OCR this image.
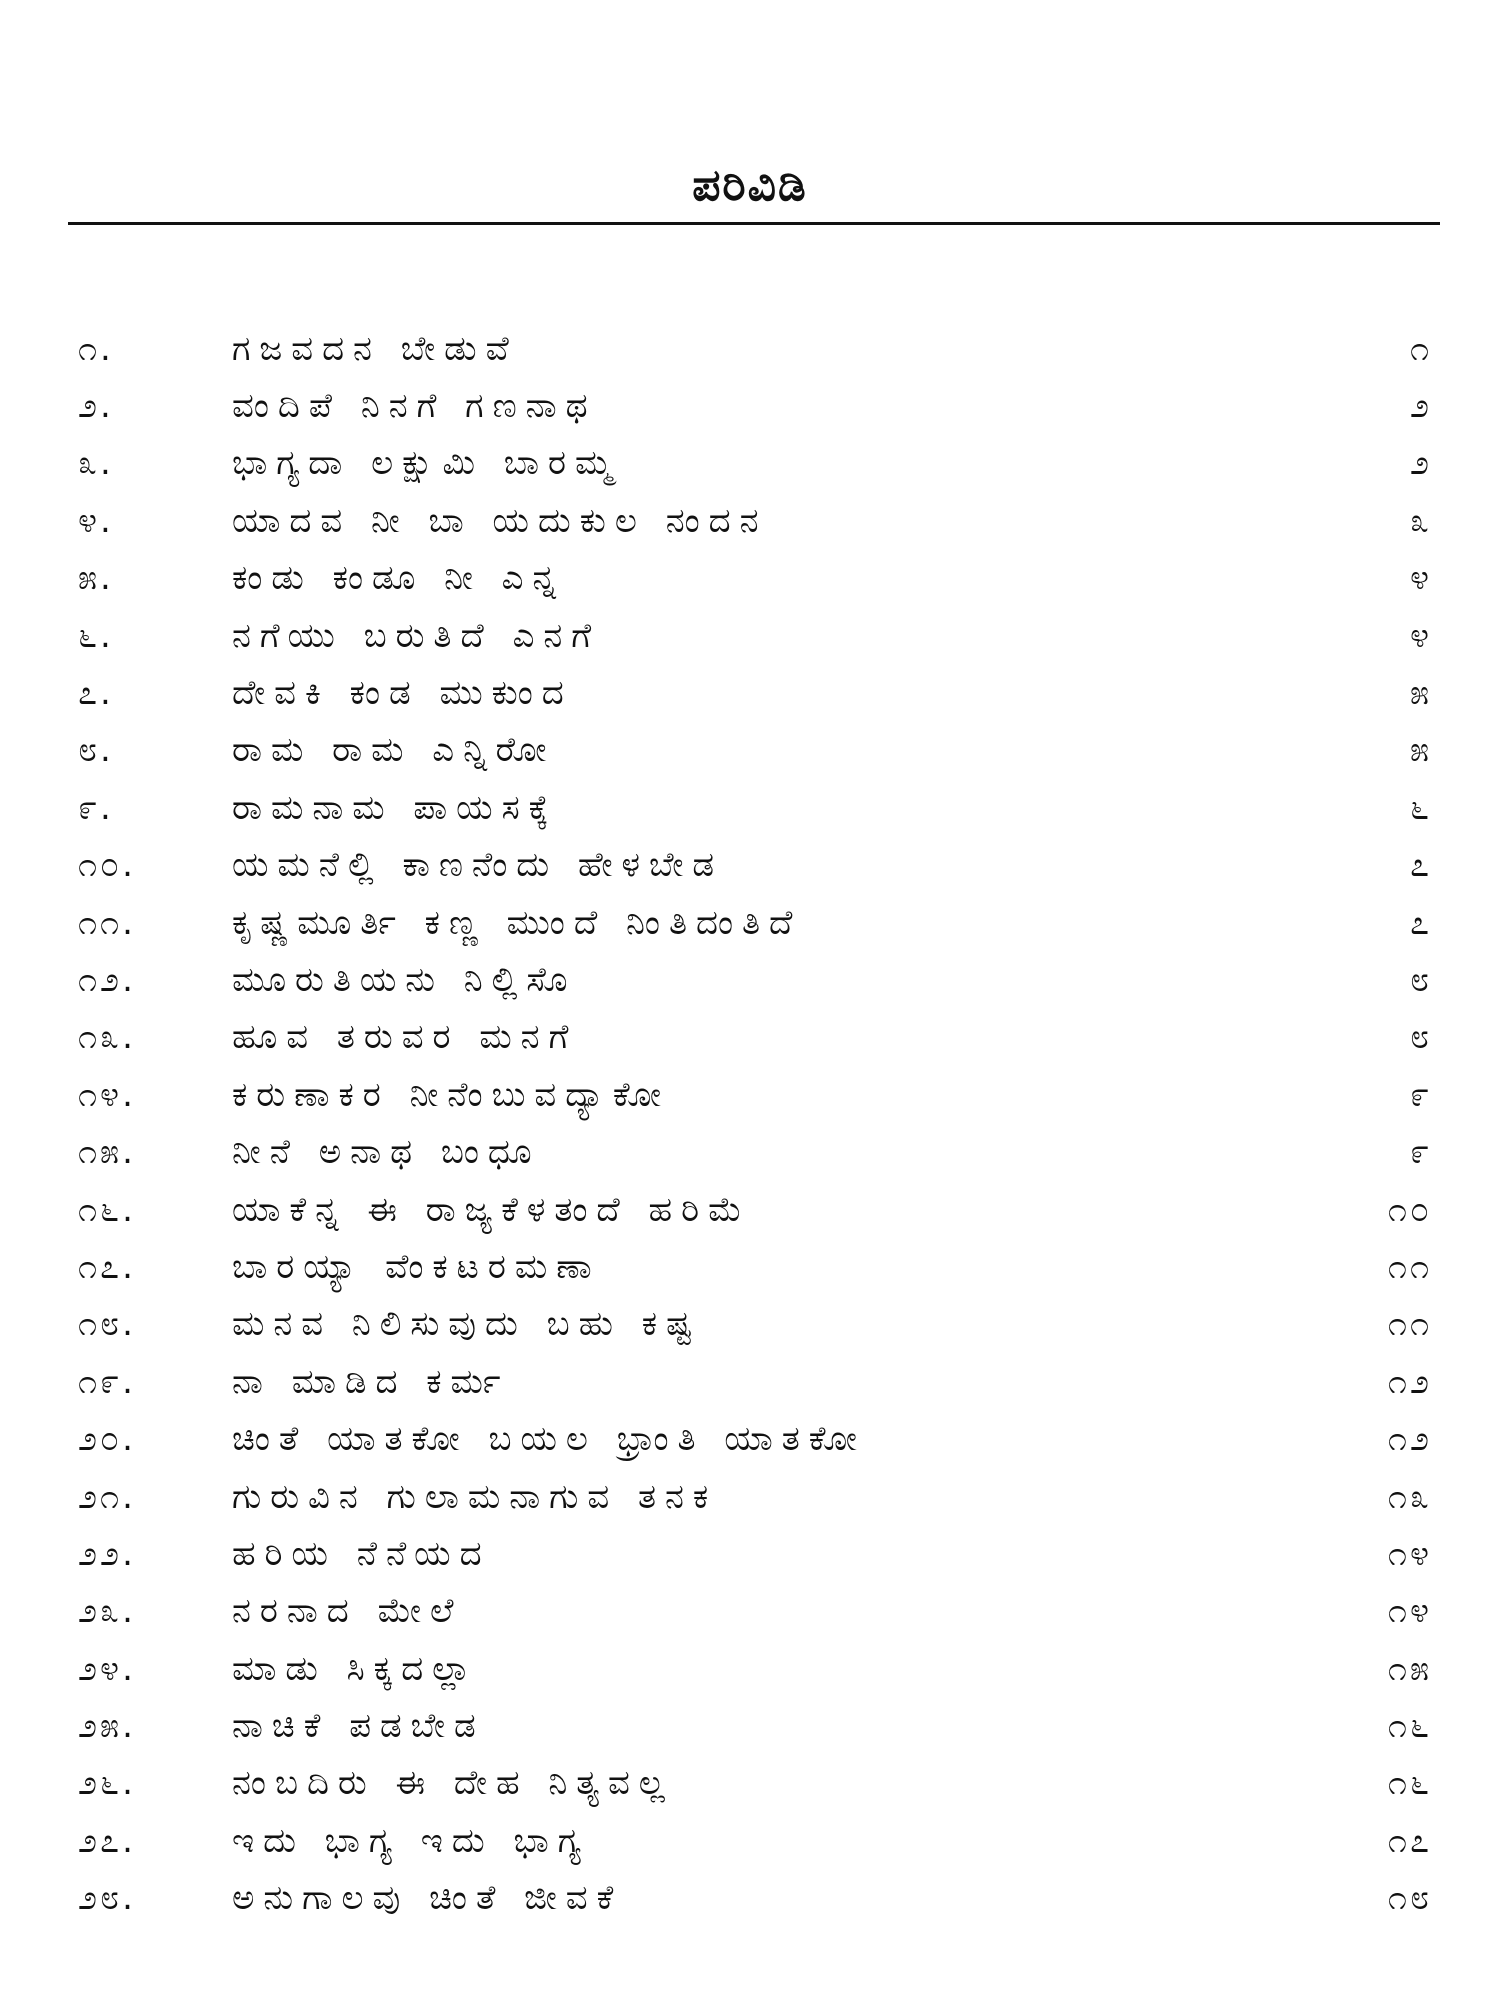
ಪರಿವಿಡಿ
೧.	ಗಜವದನ ಬೇಡುವೆ	೧
೨.	ವಂದಿಪೆ ನಿನಗೆ ಗಣನಾಥ	೨
೩.	ಭಾಗ್ಯದಾ ಲಕ್ಷುಮಿ ಬಾರಮ್ಮ	೨
೪.	ಯಾದವ ನೀ ಬಾ ಯದುಕುಲ ನಂದನ	೩
೫.	ಕಂಡು ಕಂಡೂ ನೀ ಎನ್ನ	೪
೬.	ನಗೆಯು ಬರುತಿದೆ ಎನಗೆ	೪
೭.	ದೇವಕಿ ಕಂಡ ಮುಕುಂದ	೫
೮.	ರಾಮ ರಾಮ ಎನ್ನಿರೋ	೫
೯.	ರಾಮನಾಮ ಪಾಯಸಕ್ಕೆ	೬
೧೦.	ಯಮನೆಲ್ಲಿ ಕಾಣನೆಂದು ಹೇಳಬೇಡ	೭
೧೧.	ಕೃಷ್ಣಮೂರ್ತಿ ಕಣ್ಣ ಮುಂದೆ ನಿಂತಿದಂತಿದೆ	೭
೧೨.	ಮೂರುತಿಯನು ನಿಲ್ಲಿಸೊ	೮
೧೩.	ಹೂವ ತರುವರ ಮನಗೆ	೮
೧೪.	ಕರುಣಾಕರ ನೀನೆಂಬುವದ್ಯಾಕೋ	೯
೧೫.	ನೀನೆ ಅನಾಥ ಬಂಧೂ	೯
೧೬.	ಯಾಕೆನ್ನ ಈ ರಾಜ್ಯಕೆಳತಂದೆ ಹರಿಮೆ	೧೦
೧೭.	ಬಾರಯ್ಯಾ ವೆಂಕಟರಮಣಾ	೧೧
೧೮.	ಮನವ ನಿಲಿಸುವುದು ಬಹು ಕಷ್ಟ	೧೧
೧೯.	ನಾ ಮಾಡಿದ ಕರ್ಮ	೧೨
೨೦.	ಚಿಂತೆ ಯಾತಕೋ ಬಯಲ ಭ್ರಾಂತಿ ಯಾತಕೋ	೧೨
೨೧.	ಗುರುವಿನ ಗುಲಾಮನಾಗುವ ತನಕ	೧೩
೨೨.	ಹರಿಯ ನೆನೆಯದ	೧೪
೨೩.	ನರನಾದ ಮೇಲೆ	೧೪
೨೪.	ಮಾಡು ಸಿಕ್ಕದಲ್ಲಾ	೧೫
೨೫.	ನಾಚಿಕೆ ಪಡಬೇಡ	೧೬
೨೬.	ನಂಬದಿರು ಈ ದೇಹ ನಿತ್ಯವಲ್ಲ	೧೬
೨೭.	ಇದು ಭಾಗ್ಯ ಇದು ಭಾಗ್ಯ	೧೭
೨೮.	ಅನುಗಾಲವು ಚಿಂತೆ ಜೀವಕೆ	೧೮
